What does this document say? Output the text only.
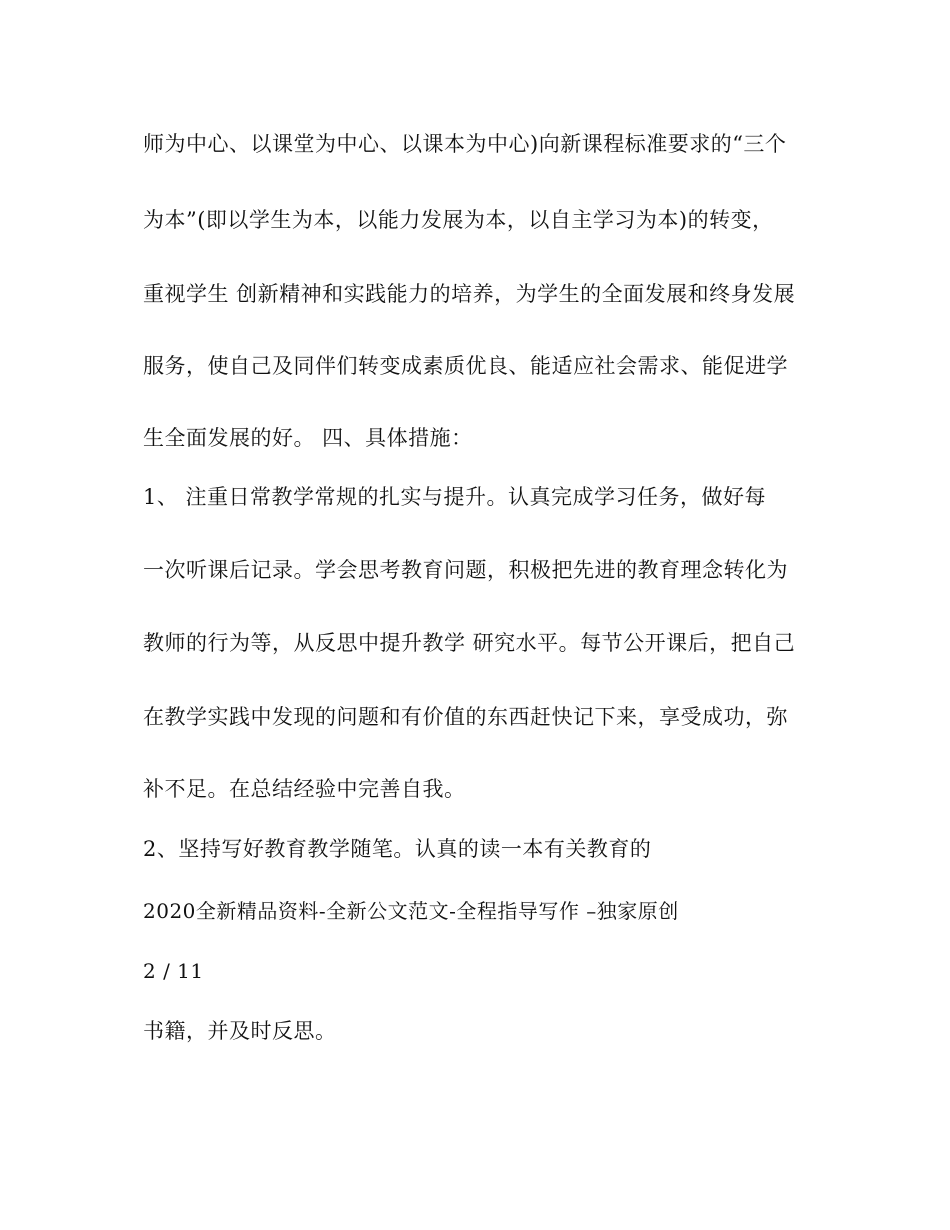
师为中心、以课堂为中心、以课本为中心)向新课程标准要求的“三个
为本”(即以学生为本，以能力发展为本，以自主学习为本)的转变，
重视学生 创新精神和实践能力的培养，为学生的全面发展和终身发展
服务，使自己及同伴们转变成素质优良、能适应社会需求、能促进学
生全面发展的好。 四、具体措施：
1、 注重日常教学常规的扎实与提升。认真完成学习任务，做好每
一次听课后记录。学会思考教育问题，积极把先进的教育理念转化为
教师的行为等，从反思中提升教学 研究水平。每节公开课后，把自己
在教学实践中发现的问题和有价值的东西赶快记下来，享受成功，弥
补不足。在总结经验中完善自我。
2、坚持写好教育教学随笔。认真的读一本有关教育的
2020全新精品资料-全新公文范文-全程指导写作 –独家原创
2 / 11
书籍，并及时反思。
